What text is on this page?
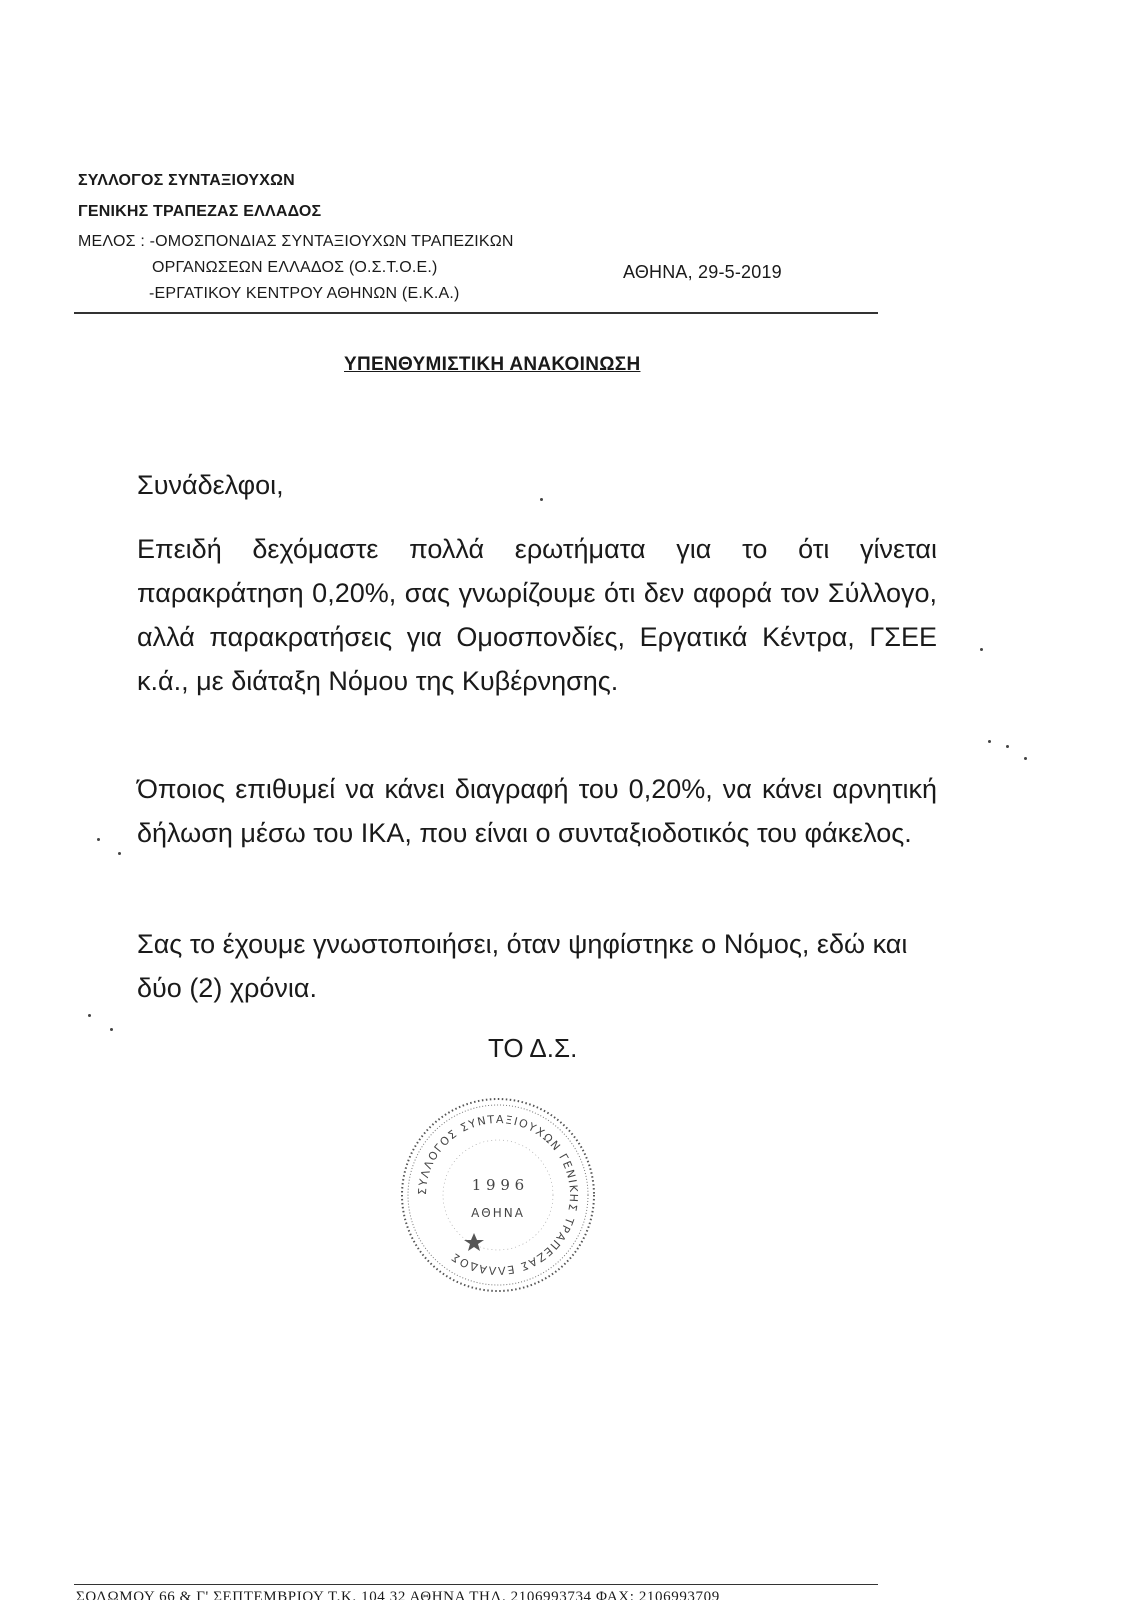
ΣΥΛΛΟΓΟΣ ΣΥΝΤΑΞΙΟΥΧΩΝ
ΓΕΝΙΚΗΣ ΤΡΑΠΕΖΑΣ ΕΛΛΑΔΟΣ
ΜΕΛΟΣ : -ΟΜΟΣΠΟΝΔΙΑΣ ΣΥΝΤΑΞΙΟΥΧΩΝ ΤΡΑΠΕΖΙΚΩΝ
ΟΡΓΑΝΩΣΕΩΝ ΕΛΛΑΔΟΣ (Ο.Σ.Τ.Ο.Ε.)
-ΕΡΓΑΤΙΚΟΥ ΚΕΝΤΡΟΥ ΑΘΗΝΩΝ (Ε.Κ.Α.)
ΑΘΗΝΑ, 29-5-2019
ΥΠΕΝΘΥΜΙΣΤΙΚΗ ΑΝΑΚΟΙΝΩΣΗ
Συνάδελφοι,
Επειδή δεχόμαστε πολλά ερωτήματα για το ότι γίνεται παρακράτηση 0,20%, σας γνωρίζουμε ότι δεν αφορά τον Σύλλογο, αλλά παρακρατήσεις για Ομοσπονδίες, Εργατικά Κέντρα, ΓΣΕΕ κ.ά., με διάταξη Νόμου της Κυβέρνησης.
Όποιος επιθυμεί να κάνει διαγραφή του 0,20%, να κάνει αρνητική δήλωση μέσω του ΙΚΑ, που είναι ο συνταξιοδοτικός του φάκελος.
Σας το έχουμε γνωστοποιήσει, όταν ψηφίστηκε ο Νόμος, εδώ και δύο (2) χρόνια.
ΤΟ Δ.Σ.
ΣΥΛΛΟΓΟΣ ΣΥΝΤΑΞΙΟΥΧΩΝ ΓΕΝΙΚΗΣ ΤΡΑΠΕΖΑΣ ΕΛΛΑΔΟΣ
1 9 9 6
ΑΘΗΝΑ
ΣΟΛΩΜΟΥ 66 & Γ' ΣΕΠΤΕΜΒΡΙΟΥ Τ.Κ. 104 32 ΑΘΗΝΑ ΤΗΛ. 2106993734 ΦΑΧ: 2106993709
